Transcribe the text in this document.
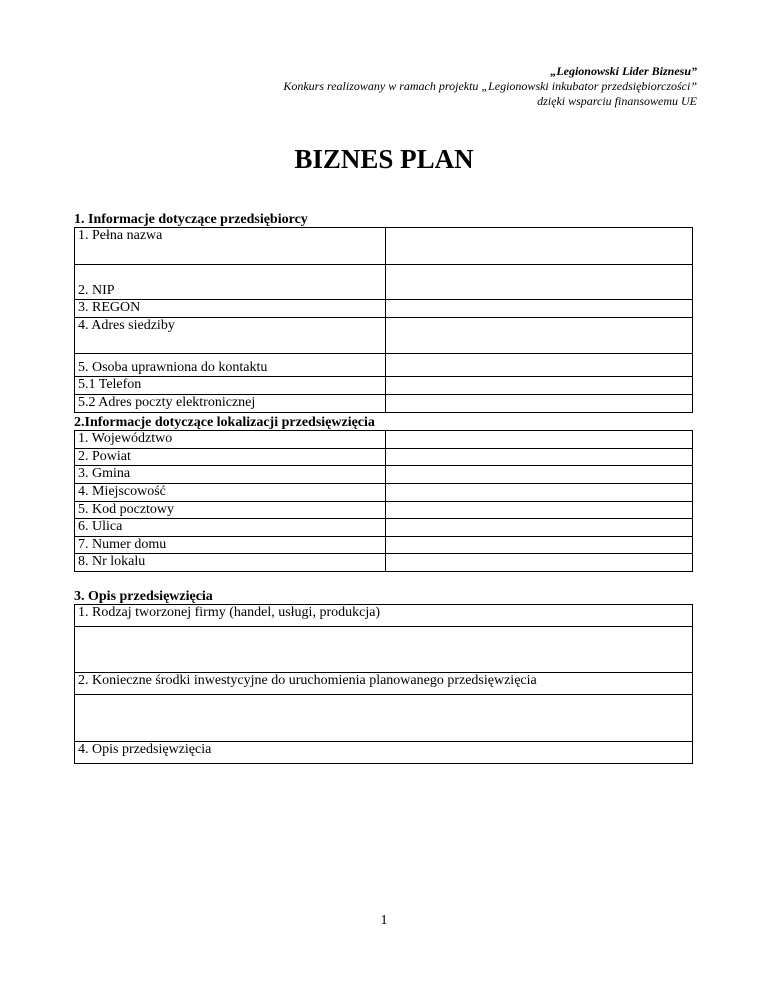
„Legionowski Lider Biznesu”
Konkurs realizowany w ramach projektu „Legionowski inkubator przedsiębiorczości”
dzięki wsparciu finansowemu UE
BIZNES PLAN
1. Informacje dotyczące przedsiębiorcy
1. Pełna nazwa	
2. NIP	
3. REGON	
4. Adres siedziby	
5. Osoba uprawniona do kontaktu	
5.1 Telefon	
5.2 Adres poczty elektronicznej	
2.Informacje dotyczące lokalizacji przedsięwzięcia
1. Województwo	
2. Powiat	
3. Gmina	
4. Miejscowość	
5. Kod pocztowy	
6. Ulica	
7. Numer domu	
8. Nr lokalu	
3. Opis przedsięwzięcia
1. Rodzaj tworzonej firmy (handel, usługi, produkcja)

2. Konieczne środki inwestycyjne do uruchomienia planowanego przedsięwzięcia

4. Opis przedsięwzięcia
1
